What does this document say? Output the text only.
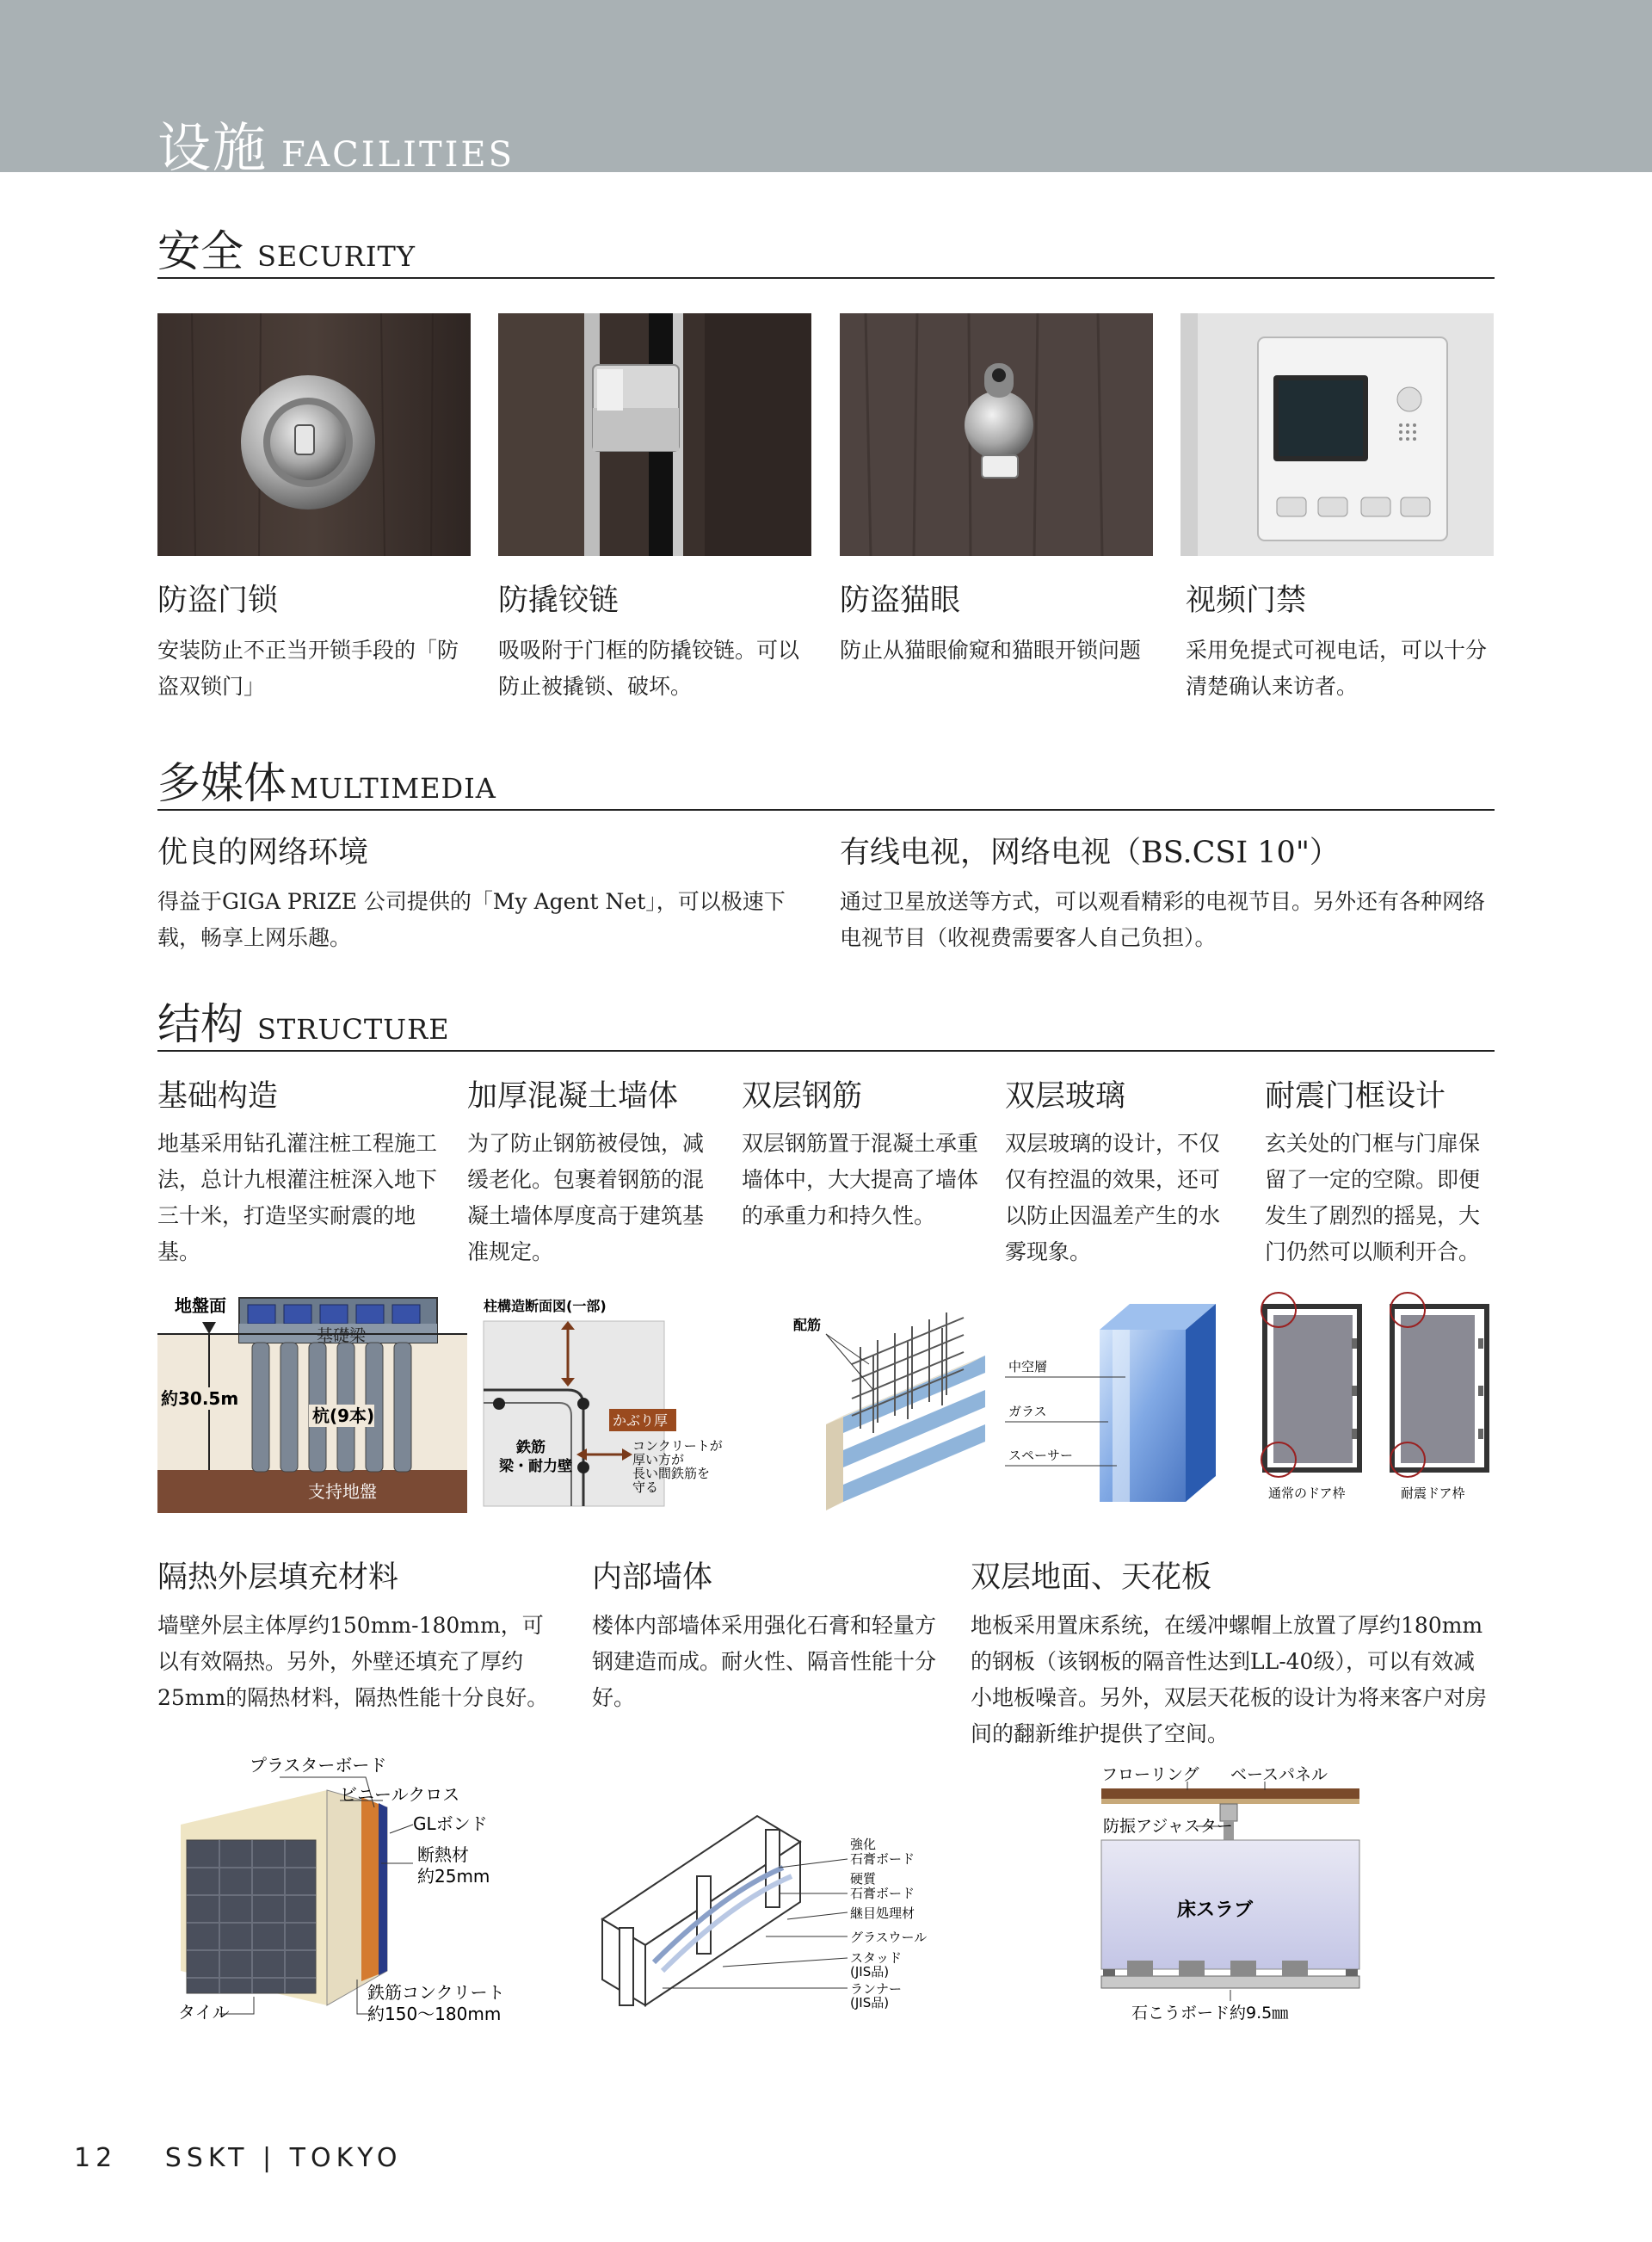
设施 FACILITIES
安全 SECURITY
防盗门锁
安装防止不正当开锁手段的「防盗双锁门」
防撬铰链
吸吸附于门框的防撬铰链。可以防止被撬锁、破坏。
防盗猫眼
防止从猫眼偷窥和猫眼开锁问题
视频门禁
采用免提式可视电话，可以十分清楚确认来访者。
多媒体 MULTIMEDIA
优良的网络环境
得益于GIGA PRIZE 公司提供的「My Agent Net」，可以极速下载，畅享上网乐趣。
有线电视，网络电视（BS.CSI 10"）
通过卫星放送等方式，可以观看精彩的电视节目。另外还有各种网络电视节目（收视费需要客人自己负担）。
结构 STRUCTURE
基础构造
地基采用钻孔灌注桩工程施工法，总计九根灌注桩深入地下三十米，打造坚实耐震的地基。
加厚混凝土墙体
为了防止钢筋被侵蚀，减缓老化。包裹着钢筋的混凝土墙体厚度高于建筑基准规定。
双层钢筋
双层钢筋置于混凝土承重墙体中，大大提高了墙体的承重力和持久性。
双层玻璃
双层玻璃的设计，不仅仅有控温的效果，还可以防止因温差产生的水雾现象。
耐震门框设计
玄关处的门框与门扉保留了一定的空隙。即便发生了剧烈的摇晃，大门仍然可以顺利开合。
地盤面
基礎梁
約30.5m
杭(9本)
支持地盤
柱構造断面図(一部)
鉄筋
梁・耐力壁
かぶり厚
コンクリートが
厚い方が
長い間鉄筋を
守る
配筋
中空層
ガラス
スペーサー
通常のドア枠	耐震ドア枠
隔热外层填充材料
墙壁外层主体厚约150mm-180mm，可以有效隔热。另外，外壁还填充了厚约25mm的隔热材料，隔热性能十分良好。
内部墙体
楼体内部墙体采用强化石膏和轻量方钢建造而成。耐火性、隔音性能十分好。
双层地面、天花板
地板采用置床系统，在缓冲螺帽上放置了厚约180mm的钢板（该钢板的隔音性达到LL-40级），可以有效减小地板噪音。另外，双层天花板的设计为将来客户对房间的翻新维护提供了空间。
プラスターボード
ビニールクロス
GLボンド
断熱材
約25mm
タイル
鉄筋コンクリート
約150～180mm
強化
石膏ボード
硬質
石膏ボード
継目処理材
グラスウール
スタッド
(JIS品)
ランナー
(JIS品)
フローリング ベースパネル
防振アジャスター
床スラブ
石こうボード約9.5㎜
12 SSKT | TOKYO
